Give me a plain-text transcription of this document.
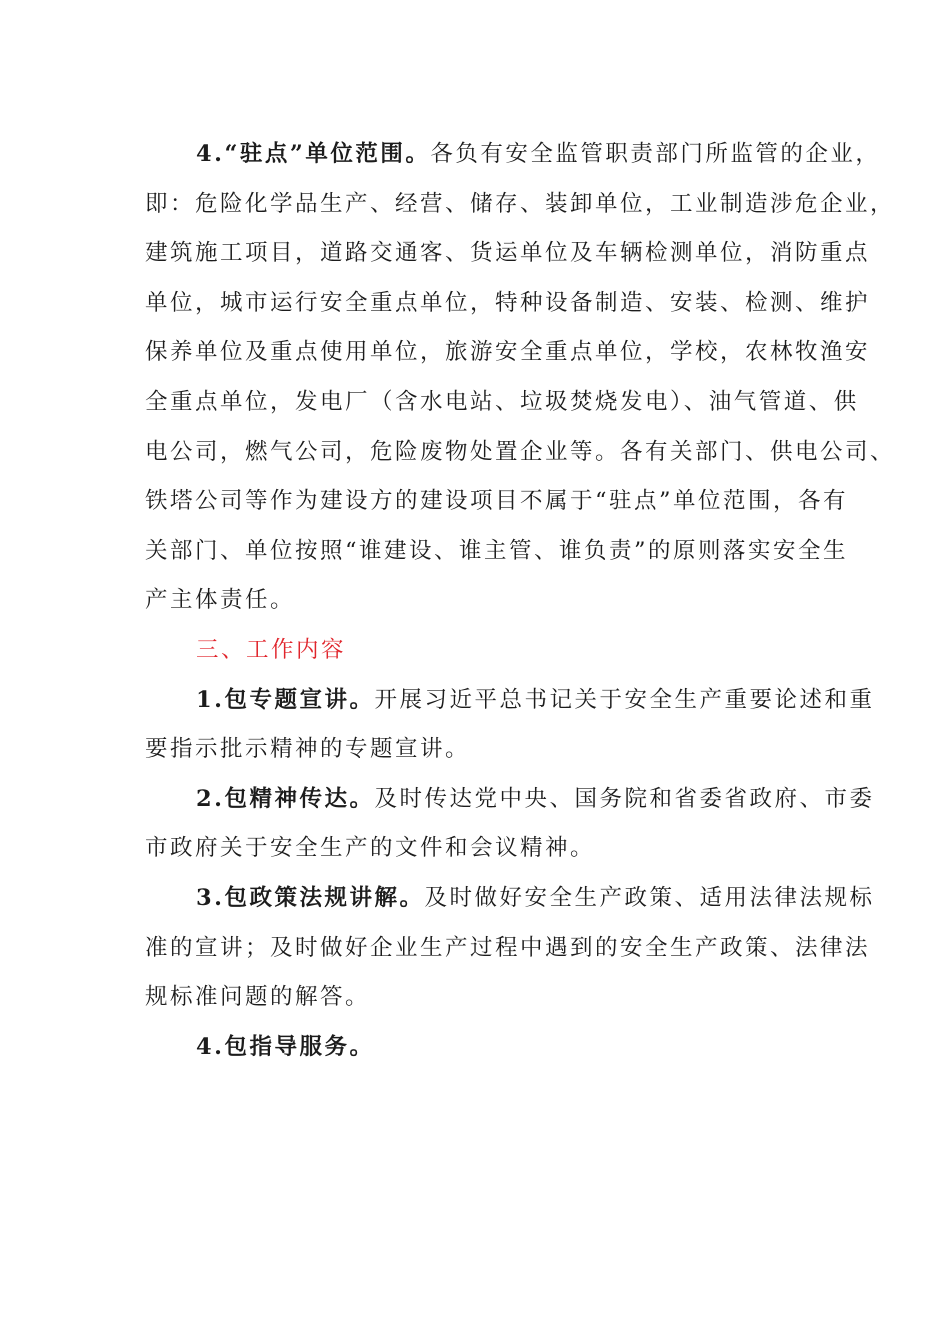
4.“驻点”单位范围。各负有安全监管职责部门所监管的企业，
即：危险化学品生产、经营、储存、装卸单位，工业制造涉危企业，
建筑施工项目，道路交通客、货运单位及车辆检测单位，消防重点
单位，城市运行安全重点单位，特种设备制造、安装、检测、维护
保养单位及重点使用单位，旅游安全重点单位，学校，农林牧渔安
全重点单位，发电厂（含水电站、垃圾焚烧发电）、油气管道、供
电公司，燃气公司，危险废物处置企业等。各有关部门、供电公司、
铁塔公司等作为建设方的建设项目不属于“驻点”单位范围，各有
关部门、单位按照“谁建设、谁主管、谁负责”的原则落实安全生
产主体责任。
三、工作内容
1.包专题宣讲。开展习近平总书记关于安全生产重要论述和重
要指示批示精神的专题宣讲。
2.包精神传达。及时传达党中央、国务院和省委省政府、市委
市政府关于安全生产的文件和会议精神。
3.包政策法规讲解。及时做好安全生产政策、适用法律法规标
准的宣讲；及时做好企业生产过程中遇到的安全生产政策、法律法
规标准问题的解答。
4.包指导服务。
